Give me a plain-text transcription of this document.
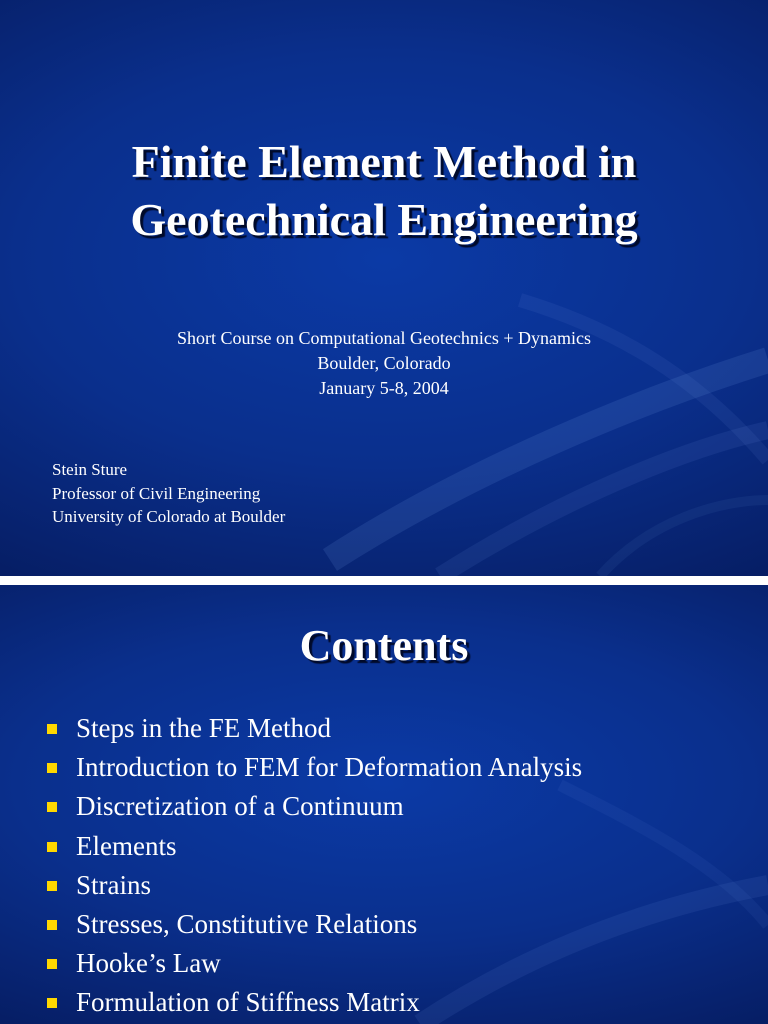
Finite Element Method in
Geotechnical Engineering
Short Course on Computational Geotechnics + Dynamics
Boulder, Colorado
January 5-8, 2004
Stein Sture
Professor of Civil Engineering
University of Colorado at Boulder
Contents
Steps in the FE Method
Introduction to FEM for Deformation Analysis
Discretization of a Continuum
Elements
Strains
Stresses, Constitutive Relations
Hooke’s Law
Formulation of Stiffness Matrix
